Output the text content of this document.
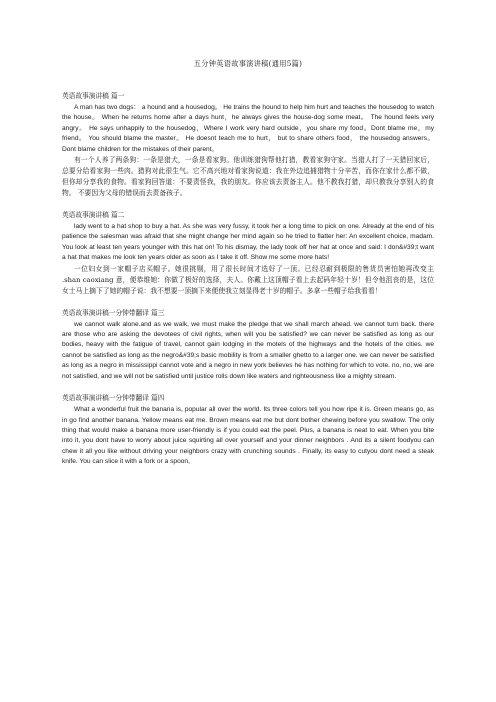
五分钟英语故事演讲稿(通用5篇)
英语故事演讲稿 篇一

A man has two dogs： a hound and a housedog。 He trains the hound to help him hurt and teaches the housedog to watch the house。 When he returns home after a days hunt，he always gives the house-dog some meat。 The hound feels very angry。 He says unhappily to the housedog，Where I work very hard outside，you share my food。Dont blame me，my friend。 You should blame the master。 He doesnt teach me to hurt， but to share others food， the housedog answers。 Dont blame children for the mistakes of their parent。

有一个人养了两条狗：一条是猎犬，一条是看家狗。他训练猎狗帮他打猎，教看家狗守家。当猎人打了一天猎回家后，总要分给看家狗一些肉。猎狗对此很生气。它不高兴地对看家狗说道：我在外边追捕猎物十分辛苦，而你在家什么都不做，但你却分享我的食物。看家狗回答道：不要责怪我，我的朋友。你应该去责备主人。他不教我打猎，却只教我分享别人的食物。 不要因为父母的错误而去责备孩子。

英语故事演讲稿 篇二

lady went to a hat shop to buy a hat. As she was very fussy, it took her a long time to pick on one. Already at the end of his patience the salesman was afraid that she might change her mind again so he tried to flatter her: An excellent choice, madam. You look at least ten years younger with this hat on! To his dismay, the lady took off her hat at once and said: I don&#39;t want a hat that makes me look ten years older as soon as I take it off. Show me some more hats!

一位妇女到一家帽子店买帽子。她很挑剔，用了很长时间才选好了一顶。已经忍耐到极限的售货员害怕她再改变主 .shan caoxiang 意，便恭维她：你做了极好的选择，夫人。你戴上这顶帽子看上去起码年轻十岁！但令他沮丧的是，这位女士马上摘下了她的帽子说：我不想要一顶摘下来便使我立刻显得老十岁的帽子。多拿一些帽子给我看看！

英语故事演讲稿一分钟带翻译 篇三

we cannot walk alone.and as we walk, we must make the pledge that we shall march ahead. we cannot turn back. there are those who are asking the devotees of civil rights, when will you be satisfied? we can never be satisfied as long as our bodies, heavy with the fatigue of travel, cannot gain lodging in the motels of the highways and the hotels of the cities. we cannot be satisfied as long as the negro&#39;s basic mobility is from a smaller ghetto to a larger one. we can never be satisfied as long as a negro in mississippi cannot vote and a negro in new york believes he has nothing for which to vote. no, no, we are not satisfied, and we will not be satisfied until justice rolls down like waters and righteousness like a mighty stream.

英语故事演讲稿一分钟带翻译 篇四

What a wonderful fruit the banana is, popular all over the world. Its three colors tell you how ripe it is. Green means go, as in go find another banana. Yellow means eat me. Brown means eat me but dont bother chewing before you swallow. The only thing that would make a banana more user-friendly is if you could eat the peel. Plus, a banana is neat to eat. When you bite into it, you dont have to worry about juice squirting all over yourself and your dinner neighbors . And its a silent foodyou can chew it all you like without driving your neighbors crazy with crunching sounds . Finally, its easy to cutyou dont need a steak knife. You can slice it with a fork or a spoon,
